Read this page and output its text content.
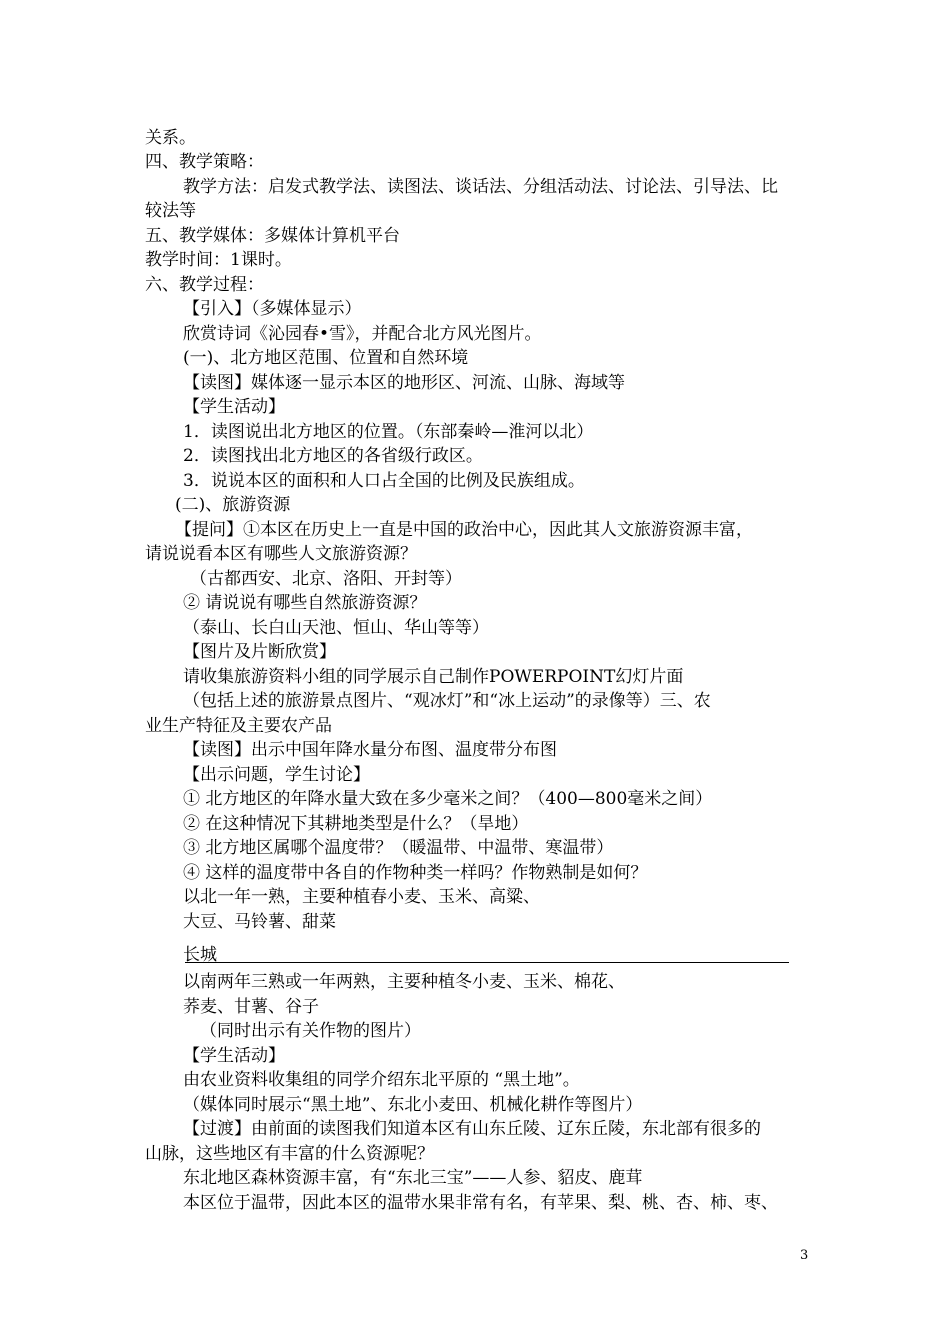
关系。
四、教学策略：
教学方法：启发式教学法、读图法、谈话法、分组活动法、讨论法、引导法、比
较法等
五、教学媒体：多媒体计算机平台
教学时间：1课时。
六、教学过程：
【引入】（多媒体显示）
欣赏诗词《沁园春•雪》，并配合北方风光图片。
(一)、北方地区范围、位置和自然环境
【读图】媒体逐一显示本区的地形区、河流、山脉、海域等
【学生活动】
1．读图说出北方地区的位置。（东部秦岭—淮河以北）
2．读图找出北方地区的各省级行政区。
3．说说本区的面积和人口占全国的比例及民族组成。
(二)、旅游资源
【提问】①本区在历史上一直是中国的政治中心，因此其人文旅游资源丰富，
请说说看本区有哪些人文旅游资源？
（古都西安、北京、洛阳、开封等）
② 请说说有哪些自然旅游资源？
（泰山、长白山天池、恒山、华山等等）
【图片及片断欣赏】
请收集旅游资料小组的同学展示自己制作POWERPOINT幻灯片面
（包括上述的旅游景点图片、“观冰灯”和“冰上运动”的录像等）三、农
业生产特征及主要农产品
【读图】出示中国年降水量分布图、温度带分布图
【出示问题，学生讨论】
① 北方地区的年降水量大致在多少毫米之间？（400—800毫米之间）
② 在这种情况下其耕地类型是什么？（旱地）
③ 北方地区属哪个温度带？（暖温带、中温带、寒温带）
④ 这样的温度带中各自的作物种类一样吗？作物熟制是如何？
以北一年一熟，主要种植春小麦、玉米、高粱、
大豆、马铃薯、甜菜
长城
以南两年三熟或一年两熟，主要种植冬小麦、玉米、棉花、
荞麦、甘薯、谷子
（同时出示有关作物的图片）
【学生活动】
由农业资料收集组的同学介绍东北平原的 “黑土地”。
（媒体同时展示“黑土地”、东北小麦田、机械化耕作等图片）
【过渡】由前面的读图我们知道本区有山东丘陵、辽东丘陵，东北部有很多的
山脉，这些地区有丰富的什么资源呢？
东北地区森林资源丰富，有“东北三宝”——人参、貂皮、鹿茸
本区位于温带，因此本区的温带水果非常有名，有苹果、梨、桃、杏、柿、枣、
3
